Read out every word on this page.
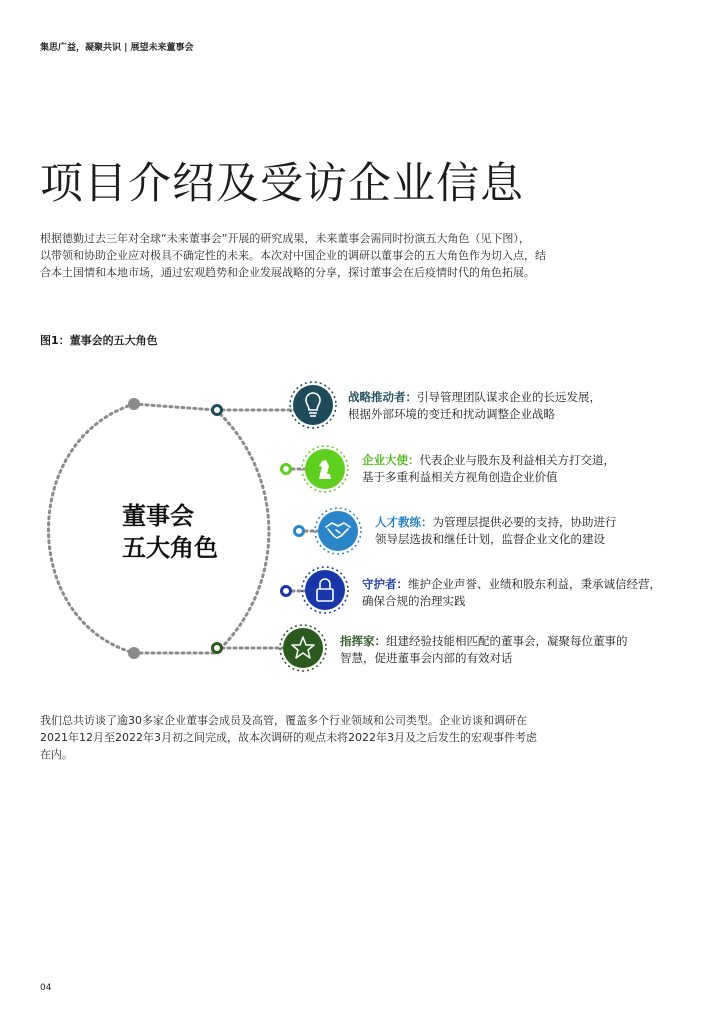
集思广益，凝聚共识 | 展望未来董事会
项目介绍及受访企业信息

根据德勤过去三年对全球“未来董事会”开展的研究成果，未来董事会需同时扮演五大角色（见下图），

以带领和协助企业应对极具不确定性的未来。本次对中国企业的调研以董事会的五大角色作为切入点，结

合本土国情和本地市场，通过宏观趋势和企业发展战略的分享，探讨董事会在后疫情时代的角色拓展。

图1：董事会的五大角色
董事会
五大角色
战略推动者：引导管理团队谋求企业的长远发展，
根据外部环境的变迁和扰动调整企业战略
企业大使：代表企业与股东及利益相关方打交道，
基于多重利益相关方视角创造企业价值
人才教练：为管理层提供必要的支持，协助进行
领导层选拔和继任计划，监督企业文化的建设
守护者：维护企业声誉、业绩和股东利益，秉承诚信经营，
确保合规的治理实践
指挥家：组建经验技能相匹配的董事会，凝聚每位董事的
智慧，促进董事会内部的有效对话

我们总共访谈了逾30多家企业董事会成员及高管，覆盖多个行业领域和公司类型。企业访谈和调研在

2021年12月至2022年3月初之间完成，故本次调研的观点未将2022年3月及之后发生的宏观事件考虑

在内。

04
